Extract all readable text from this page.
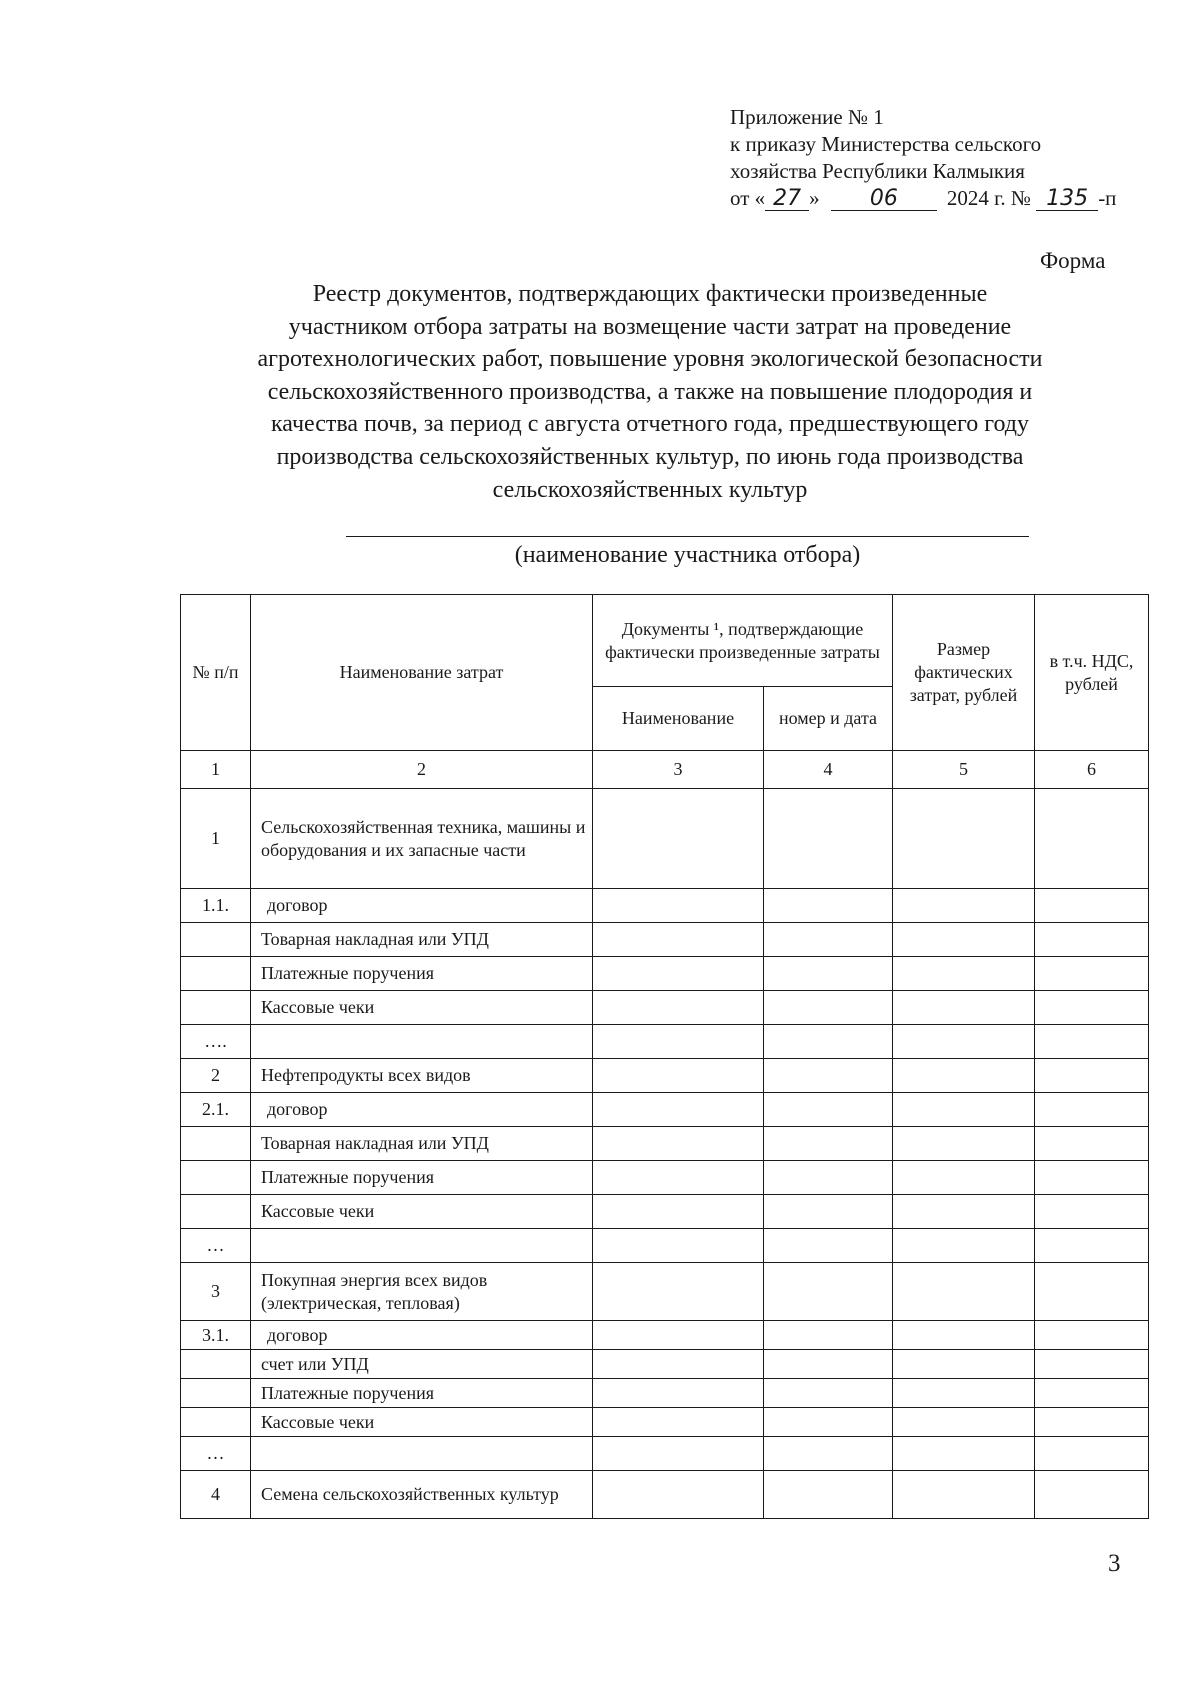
Приложение № 1
к приказу Министерства сельского
хозяйства Республики Калмыкия
от « 27 » 06 2024 г. № 135 -п
Форма
Реестр документов, подтверждающих фактически произведенные
участником отбора затраты на возмещение части затрат на проведение
агротехнологических работ, повышение уровня экологической безопасности
сельскохозяйственного производства, а также на повышение плодородия и
качества почв, за период с августа отчетного года, предшествующего году
производства сельскохозяйственных культур, по июнь года производства
сельскохозяйственных культур
(наименование участника отбора)
№ п/п	Наименование затрат	Документы ¹, подтверждающие фактически произведенные затраты		Размер фактических затрат, рублей	в т.ч. НДС, рублей
		Наименование	номер и дата		
1	2	3	4	5	6
1	Сельскохозяйственная техника, машины и оборудования и их запасные части				
1.1.	договор				
	Товарная накладная или УПД				
	Платежные поручения				
	Кассовые чеки				
….					
2	Нефтепродукты всех видов				
2.1.	договор				
	Товарная накладная или УПД				
	Платежные поручения				
	Кассовые чеки				
…					
3	Покупная энергия всех видов (электрическая, тепловая)				
3.1.	договор				
	счет или УПД				
	Платежные поручения				
	Кассовые чеки				
…					
4	Семена сельскохозяйственных культур				
3
